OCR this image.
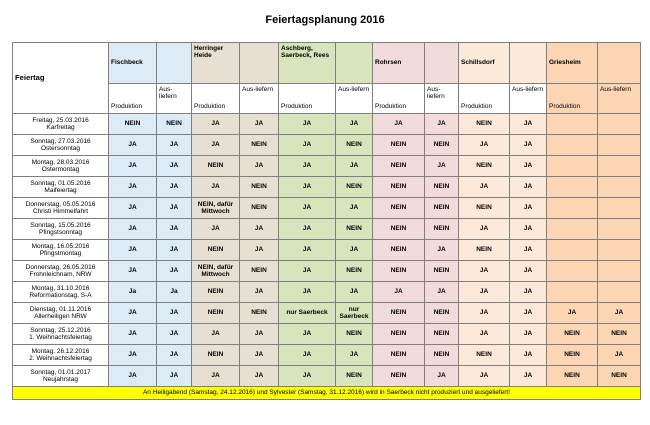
Feiertagsplanung 2016
Feiertag	Fischbeck		Herringer Heide		Aschberg, Saerbeck, Rees		Rohrsen		Schillsdorf		Griesheim	
	Produktion	Aus-liefern	Produktion	Aus-liefern	Produktion	Aus-liefern	Produktion	Aus-liefern	Produktion	Aus-liefern	Produktion	Aus-liefern

Freitag, 25.03.2016
Karfreitag	NEIN	NEIN	JA	JA	JA	JA	JA	JA	NEIN	JA		

Sonntag, 27.03.2016
Ostersonntag	JA	JA	JA	NEIN	JA	NEIN	NEIN	NEIN	JA	JA		

Montag, 28.03.2016
Ostermontag	JA	JA	NEIN	JA	JA	JA	NEIN	JA	NEIN	JA		

Sonntag, 01.05.2016
Maifeiertag	JA	JA	JA	NEIN	JA	NEIN	NEIN	NEIN	JA	JA		

Donnerstag, 05.05.2016
Christi Himmelfahrt	JA	JA	NEIN, dafür Mittwoch	NEIN	JA	JA	NEIN	NEIN	NEIN	JA		

Sonntag, 15.05.2016
Pfingstsonntag	JA	JA	JA	JA	JA	NEIN	NEIN	NEIN	JA	JA		

Montag, 16.05.2016
Pfingstmontag	JA	JA	NEIN	JA	JA	JA	NEIN	JA	NEIN	JA		

Donnerstag, 26.05.2016
Frohnleichnam, NRW	JA	JA	NEIN, dafür Mittwoch	NEIN	JA	NEIN	NEIN	NEIN	JA	JA		

Montag, 31.10.2016
Reformationstag, S-A	Ja	Ja	NEIN	JA	JA	JA	JA	JA	JA	JA		

Dienstag, 01.11.2016
Allerheiligen NRW	JA	JA	NEIN	NEIN	nur Saerbeck	nur Saerbeck	NEIN	NEIN	JA	JA	JA	JA

Sonntag, 25.12.2016
1. Weihnachtsfeiertag	JA	JA	JA	JA	JA	NEIN	NEIN	NEIN	JA	JA	NEIN	NEIN

Montag, 26.12.2016
2. Weihnachtsfeiertag	JA	JA	NEIN	JA	JA	JA	NEIN	NEIN	NEIN	JA	NEIN	JA

Sonntag, 01.01.2017
Neujahrstag	JA	JA	JA	JA	JA	NEIN	NEIN	JA	JA	JA	NEIN	NEIN
An Heiligabend (Samstag, 24.12.2016) und Sylvester (Samstag, 31.12.2016) wird in Saerbeck nicht produziert und ausgeliefert!												
